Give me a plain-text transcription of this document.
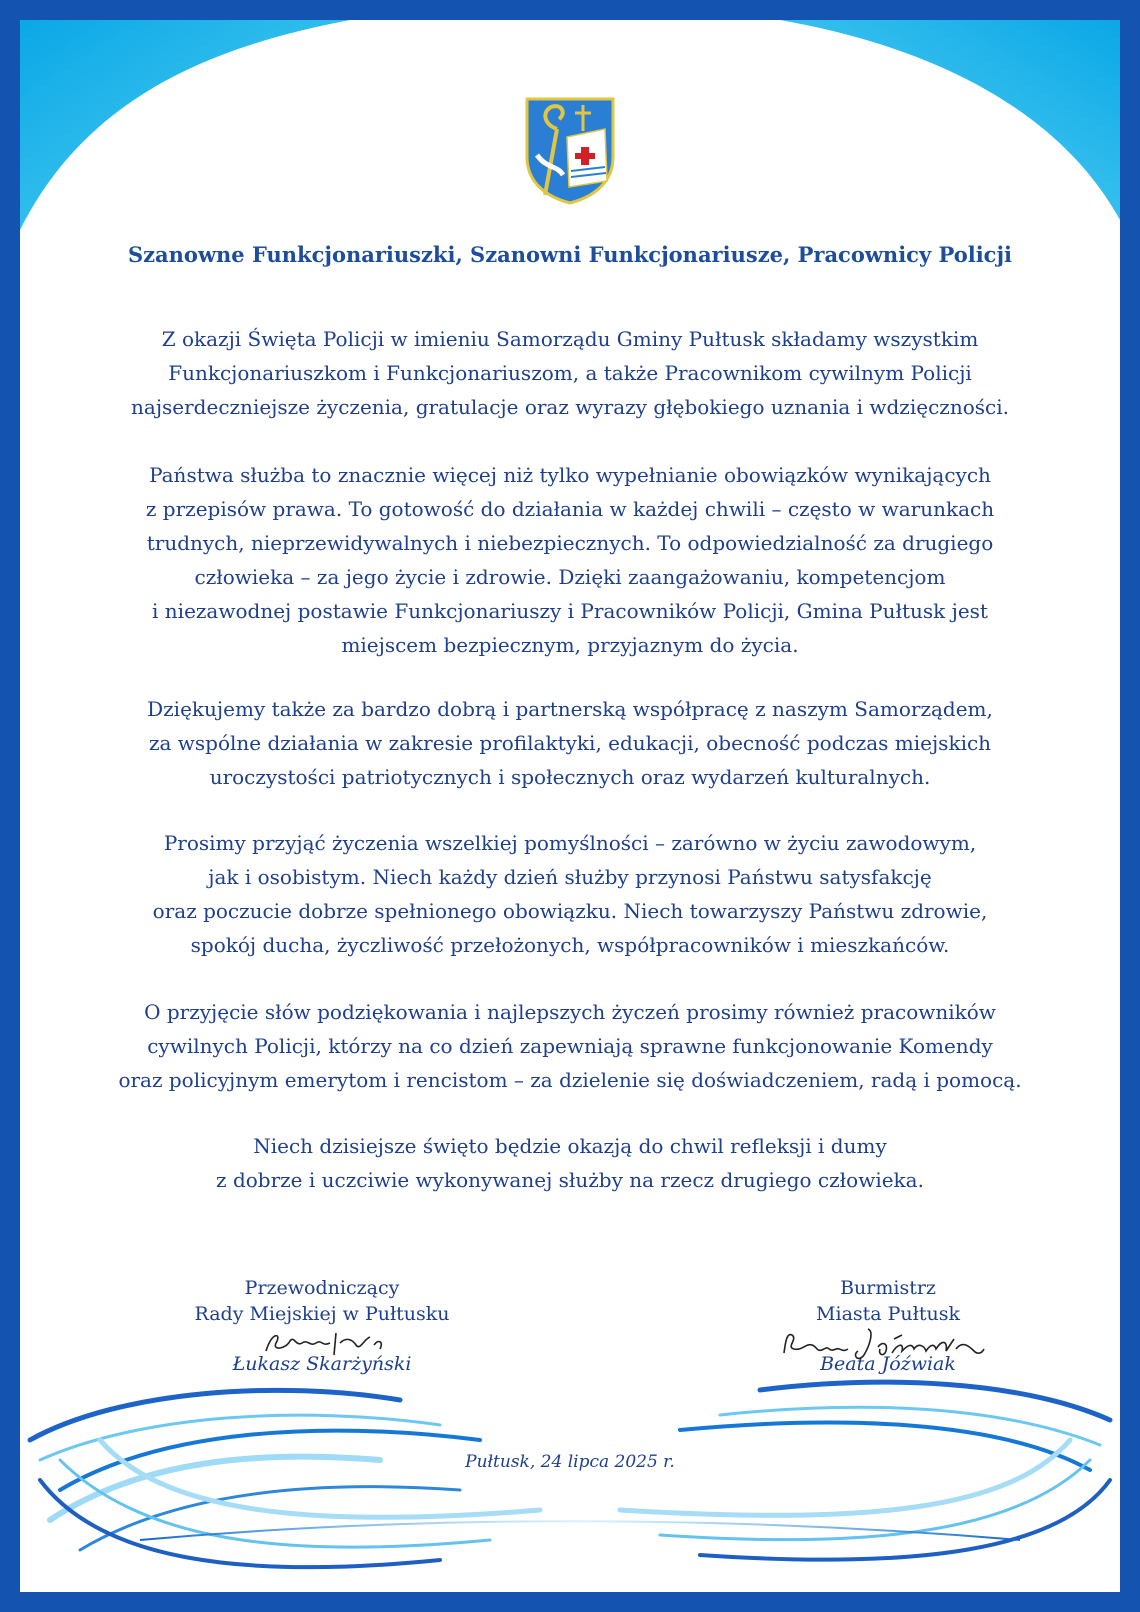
Szanowne Funkcjonariuszki, Szanowni Funkcjonariusze, Pracownicy Policji

Z okazji Święta Policji w imieniu Samorządu Gminy Pułtusk składamy wszystkim
Funkcjonariuszkom i Funkcjonariuszom, a także Pracownikom cywilnym Policji
najserdeczniejsze życzenia, gratulacje oraz wyrazy głębokiego uznania i wdzięczności.

Państwa służba to znacznie więcej niż tylko wypełnianie obowiązków wynikających
z przepisów prawa. To gotowość do działania w każdej chwili – często w warunkach
trudnych, nieprzewidywalnych i niebezpiecznych. To odpowiedzialność za drugiego
człowieka – za jego życie i zdrowie. Dzięki zaangażowaniu, kompetencjom
i niezawodnej postawie Funkcjonariuszy i Pracowników Policji, Gmina Pułtusk jest
miejscem bezpiecznym, przyjaznym do życia.

Dziękujemy także za bardzo dobrą i partnerską współpracę z naszym Samorządem,
za wspólne działania w zakresie profilaktyki, edukacji, obecność podczas miejskich
uroczystości patriotycznych i społecznych oraz wydarzeń kulturalnych.

Prosimy przyjąć życzenia wszelkiej pomyślności – zarówno w życiu zawodowym,
jak i osobistym. Niech każdy dzień służby przynosi Państwu satysfakcję
oraz poczucie dobrze spełnionego obowiązku. Niech towarzyszy Państwu zdrowie,
spokój ducha, życzliwość przełożonych, współpracowników i mieszkańców.

O przyjęcie słów podziękowania i najlepszych życzeń prosimy również pracowników
cywilnych Policji, którzy na co dzień zapewniają sprawne funkcjonowanie Komendy
oraz policyjnym emerytom i rencistom – za dzielenie się doświadczeniem, radą i pomocą.

Niech dzisiejsze święto będzie okazją do chwil refleksji i dumy
z dobrze i uczciwie wykonywanej służby na rzecz drugiego człowieka.

Przewodniczący
Rady Miejskiej w Pułtusku
Łukasz Skarżyński
Burmistrz
Miasta Pułtusk
Beata Jóźwiak
Pułtusk, 24 lipca 2025 r.
